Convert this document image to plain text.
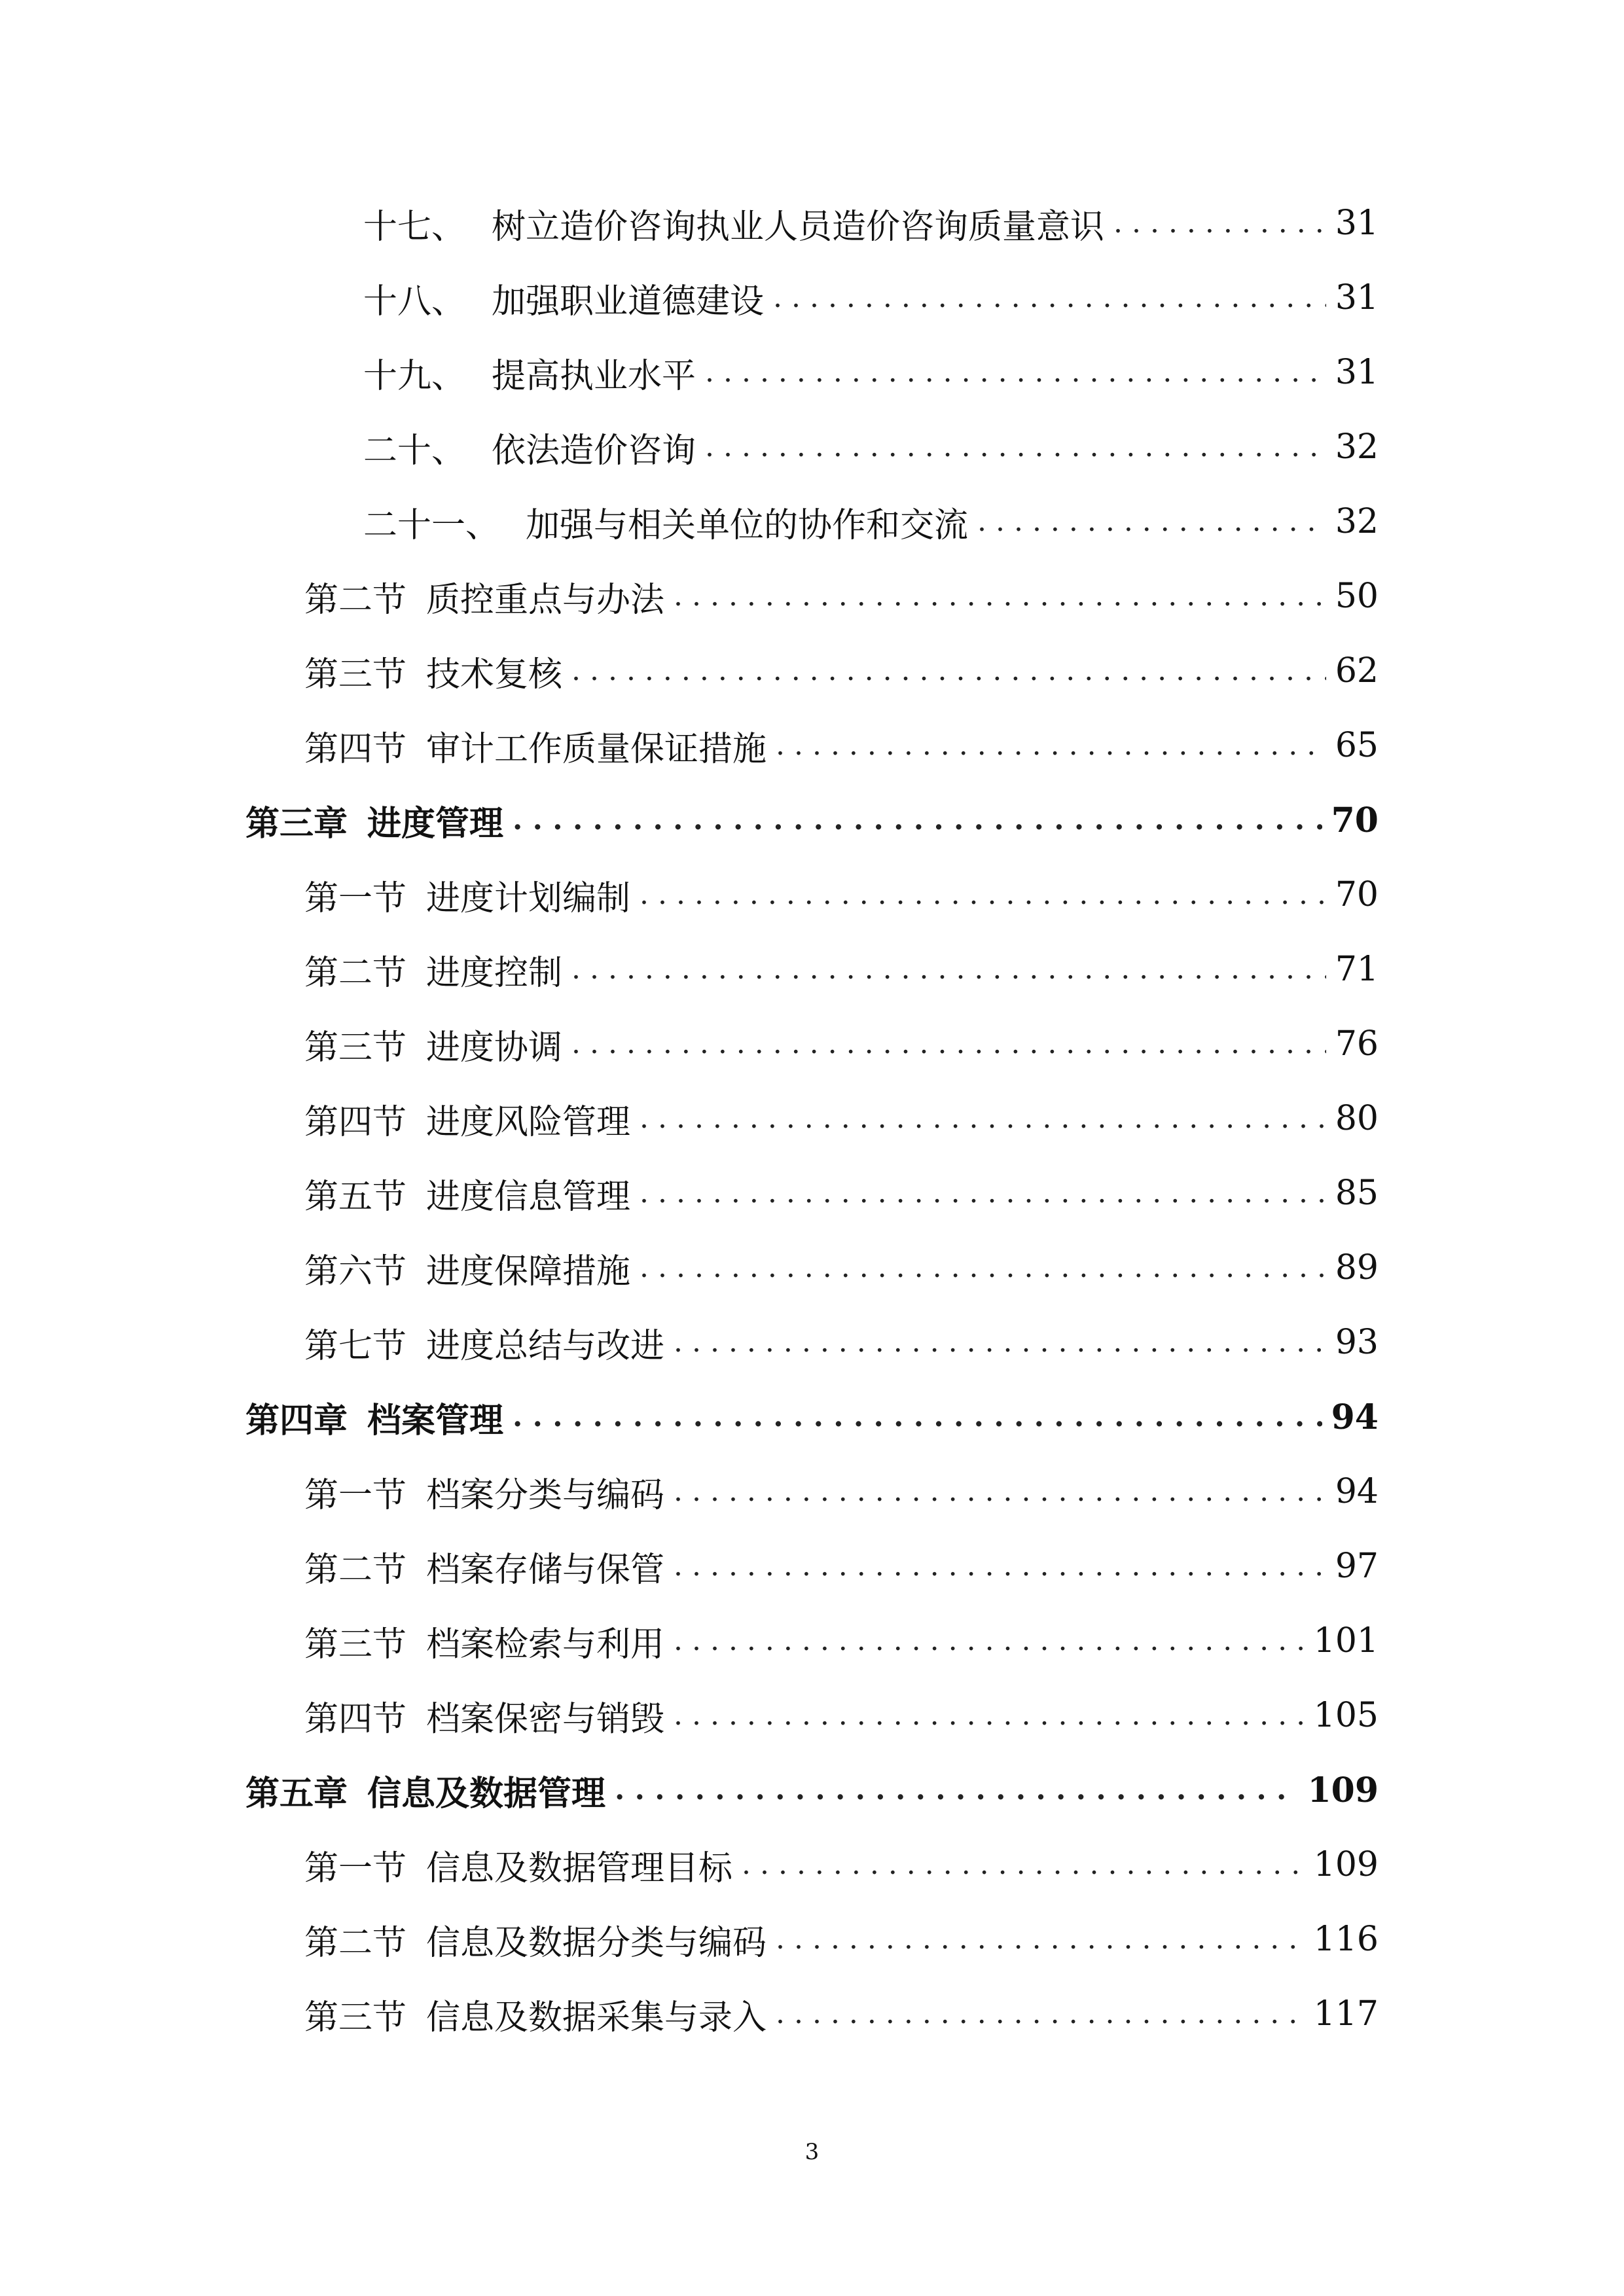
十七、 树立造价咨询执业人员造价咨询质量意识 . . .	31
十八、 加强职业道德建设 . . .	31
十九、 提高执业水平 . . .	31
二十、 依法造价咨询 . . .	32
二十一、 加强与相关单位的协作和交流 . . .	32
第二节 质控重点与办法 . . .	50
第三节 技术复核 . . .	62
第四节 审计工作质量保证措施 . . .	65
第三章 进度管理 . . .	70
第一节 进度计划编制 . . .	70
第二节 进度控制 . . .	71
第三节 进度协调 . . .	76
第四节 进度风险管理 . . .	80
第五节 进度信息管理 . . .	85
第六节 进度保障措施 . . .	89
第七节 进度总结与改进 . . .	93
第四章 档案管理 . . .	94
第一节 档案分类与编码 . . .	94
第二节 档案存储与保管 . . .	97
第三节 档案检索与利用 . . .	101
第四节 档案保密与销毁 . . .	105
第五章 信息及数据管理 . . .	109
第一节 信息及数据管理目标 . . .	109
第二节 信息及数据分类与编码 . . .	116
第三节 信息及数据采集与录入 . . .	117
3
